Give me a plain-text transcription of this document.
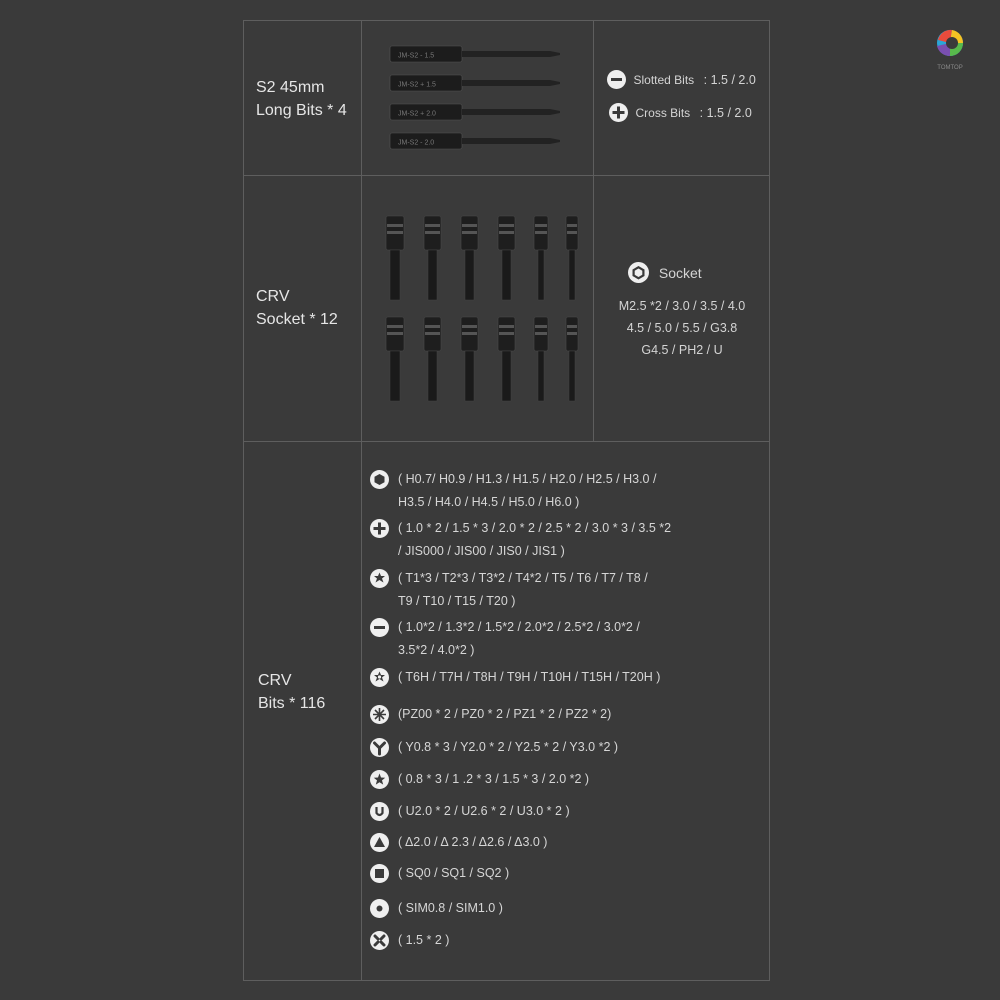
TOMTOP
S2 45mm
Long Bits * 4
JM-S2 - 1.5
JM-S2 + 1.5
JM-S2 + 2.0
JM-S2 - 2.0
Slotted Bits : 1.5 / 2.0
Cross Bits : 1.5 / 2.0
CRV
Socket * 12
Socket
M2.5 *2 / 3.0 / 3.5 / 4.0
4.5 / 5.0 / 5.5 / G3.8
G4.5 / PH2 / U
CRV
Bits * 116
( H0.7/ H0.9 / H1.3 / H1.5 / H2.0 / H2.5 / H3.0 /
H3.5 / H4.0 / H4.5 / H5.0 / H6.0 )
( 1.0 * 2 / 1.5 * 3 / 2.0 * 2 / 2.5 * 2 / 3.0 * 3 / 3.5 *2
/ JIS000 / JIS00 / JIS0 / JIS1 )
( T1*3 / T2*3 / T3*2 / T4*2 / T5 / T6 / T7 / T8 /
T9 / T10 / T15 / T20 )
( 1.0*2 / 1.3*2 / 1.5*2 / 2.0*2 / 2.5*2 / 3.0*2 /
3.5*2 / 4.0*2 )
( T6H / T7H / T8H / T9H / T10H / T15H / T20H )
(PZ00 * 2 / PZ0 * 2 / PZ1 * 2 / PZ2 * 2)
( Y0.8 * 3 / Y2.0 * 2 / Y2.5 * 2 / Y3.0 *2 )
( 0.8 * 3 / 1 .2 * 3 / 1.5 * 3 / 2.0 *2 )
( U2.0 * 2 / U2.6 * 2 / U3.0 * 2 )
( Δ2.0 / Δ 2.3 / Δ2.6 / Δ3.0 )
( SQ0 / SQ1 / SQ2 )
( SIM0.8 / SIM1.0 )
( 1.5 * 2 )
